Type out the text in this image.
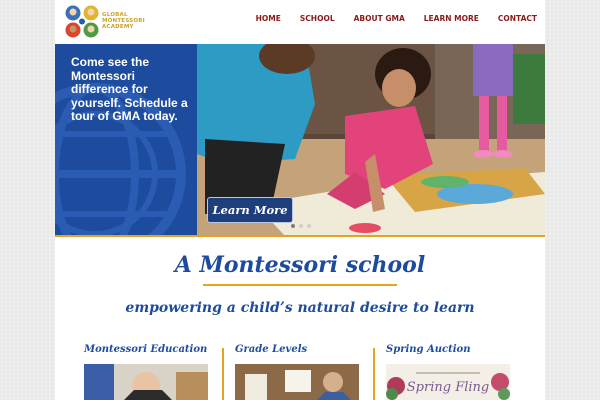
GLOBAL MONTESSORI ACADEMY
HOME	SCHOOL	ABOUT GMA	LEARN MORE	CONTACT
Come see the Montessori difference for yourself. Schedule a tour of GMA today.
Learn More
A Montessori school
empowering a child’s natural desire to learn
Montessori Education	Grade Levels	Spring Auction
Spring Fling
